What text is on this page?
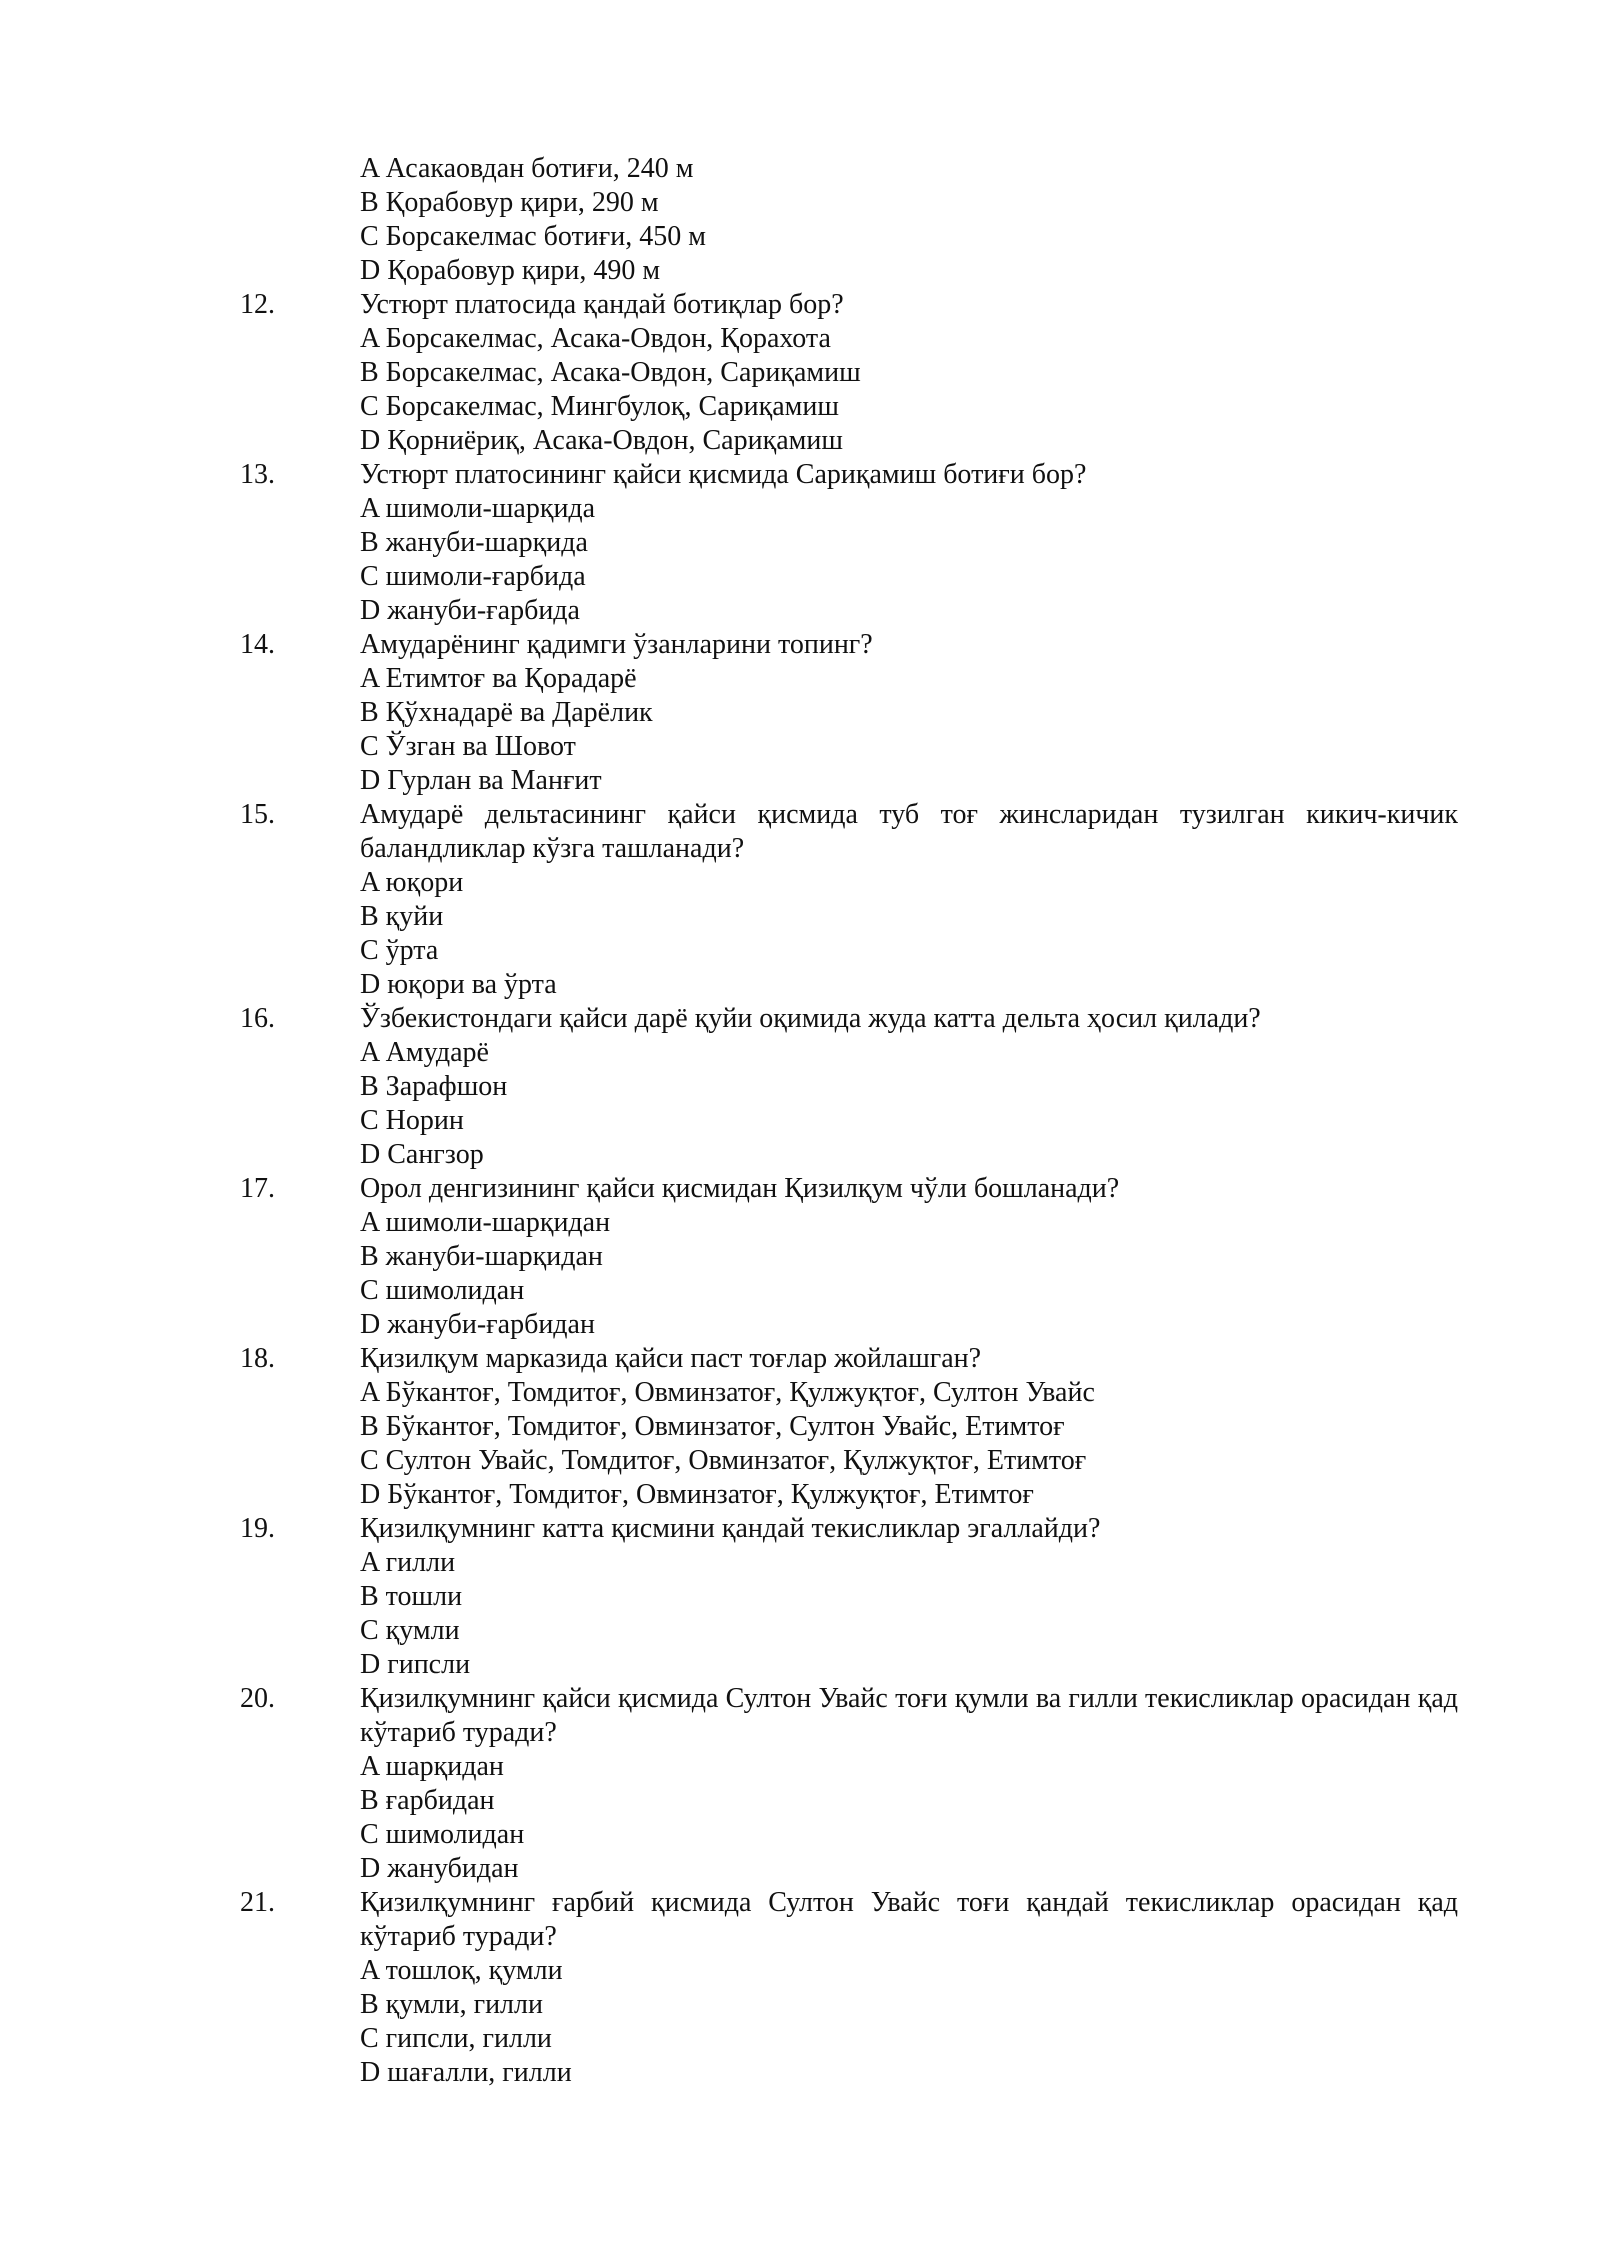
A Асакаовдан ботиғи, 240 м
B Қорабовур қири, 290 м
C Борсакелмас ботиғи, 450 м
D Қорабовур қири, 490 м
12.	Устюрт платосида қандай ботиқлар бор?
A Борсакелмас, Асака-Овдон, Қорахота
B Борсакелмас, Асака-Овдон, Сариқамиш
C Борсакелмас, Мингбулоқ, Сариқамиш
D Қорниёриқ, Асака-Овдон, Сариқамиш
13.	Устюрт платосининг қайси қисмида Сариқамиш ботиғи бор?
A шимоли-шарқида
B жануби-шарқида
C шимоли-ғарбида
D жануби-ғарбида
14.	Амударёнинг қадимги ўзанларини топинг?
A Етимтоғ ва Қорадарё
B Қўхнадарё ва Дарёлик
C Ўзган ва Шовот
D Гурлан ва Манғит
15.	Амударё дельтасининг қайси қисмида туб тоғ жинсларидан тузилган кикич-кичик баландликлар кўзга ташланади?
A юқори
B қуйи
C ўрта
D юқори ва ўрта
16.	Ўзбекистондаги қайси дарё қуйи оқимида жуда катта дельта ҳосил қилади?
A Амударё
B Зарафшон
C Норин
D Сангзор
17.	Орол денгизининг қайси қисмидан Қизилқум чўли бошланади?
A шимоли-шарқидан
B жануби-шарқидан
C шимолидан
D жануби-ғарбидан
18.	Қизилқум марказида қайси паст тоғлар жойлашган?
A Бўкантоғ, Томдитоғ, Овминзатоғ, Қулжуқтоғ, Султон Увайс
B Бўкантоғ, Томдитоғ, Овминзатоғ, Султон Увайс, Етимтоғ
C Султон Увайс, Томдитоғ, Овминзатоғ, Қулжуқтоғ, Етимтоғ
D Бўкантоғ, Томдитоғ, Овминзатоғ, Қулжуқтоғ, Етимтоғ
19.	Қизилқумнинг катта қисмини қандай текисликлар эгаллайди?
A гилли
B тошли
C қумли
D гипсли
20.	Қизилқумнинг қайси қисмида Султон Увайс тоғи қумли ва гилли текисликлар орасидан қад кўтариб туради?
A шарқидан
B ғарбидан
C шимолидан
D жанубидан
21.	Қизилқумнинг ғарбий қисмида Султон Увайс тоғи қандай текисликлар орасидан қад кўтариб туради?
A тошлоқ, қумли
B қумли, гилли
C гипсли, гилли
D шағалли, гилли
